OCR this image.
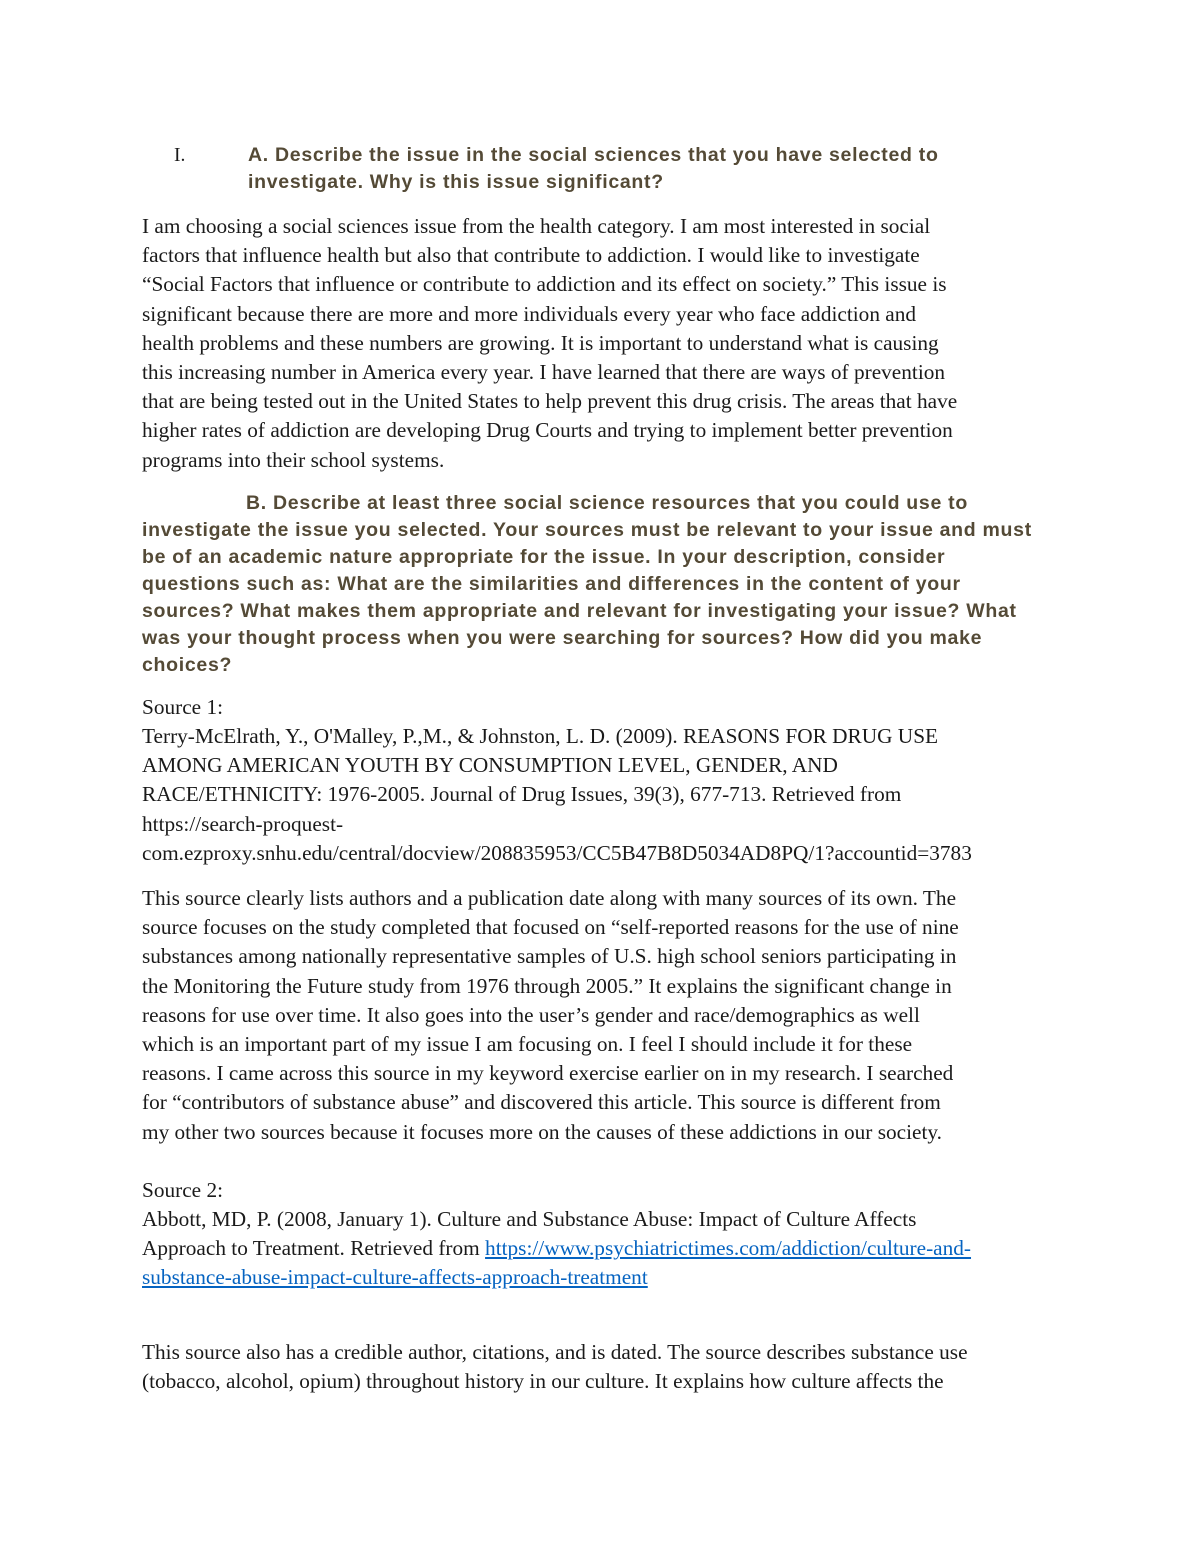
I.	A. Describe the issue in the social sciences that you have selected to
investigate. Why is this issue significant?
I am choosing a social sciences issue from the health category. I am most interested in social
factors that influence health but also that contribute to addiction. I would like to investigate
“Social Factors that influence or contribute to addiction and its effect on society.” This issue is
significant because there are more and more individuals every year who face addiction and
health problems and these numbers are growing. It is important to understand what is causing
this increasing number in America every year. I have learned that there are ways of prevention
that are being tested out in the United States to help prevent this drug crisis. The areas that have
higher rates of addiction are developing Drug Courts and trying to implement better prevention
programs into their school systems.
B. Describe at least three social science resources that you could use to
investigate the issue you selected. Your sources must be relevant to your issue and must
be of an academic nature appropriate for the issue. In your description, consider
questions such as: What are the similarities and differences in the content of your
sources? What makes them appropriate and relevant for investigating your issue? What
was your thought process when you were searching for sources? How did you make
choices?
Source 1:
Terry-McElrath, Y., O'Malley, P.,M., & Johnston, L. D. (2009). REASONS FOR DRUG USE
AMONG AMERICAN YOUTH BY CONSUMPTION LEVEL, GENDER, AND
RACE/ETHNICITY: 1976-2005. Journal of Drug Issues, 39(3), 677-713. Retrieved from
https://search-proquest-
com.ezproxy.snhu.edu/central/docview/208835953/CC5B47B8D5034AD8PQ/1?accountid=3783
This source clearly lists authors and a publication date along with many sources of its own. The
source focuses on the study completed that focused on “self-reported reasons for the use of nine
substances among nationally representative samples of U.S. high school seniors participating in
the Monitoring the Future study from 1976 through 2005.” It explains the significant change in
reasons for use over time. It also goes into the user’s gender and race/demographics as well
which is an important part of my issue I am focusing on. I feel I should include it for these
reasons. I came across this source in my keyword exercise earlier on in my research. I searched
for “contributors of substance abuse” and discovered this article. This source is different from
my other two sources because it focuses more on the causes of these addictions in our society.
Source 2:
Abbott, MD, P. (2008, January 1). Culture and Substance Abuse: Impact of Culture Affects
Approach to Treatment. Retrieved from https://www.psychiatrictimes.com/addiction/culture-and-
substance-abuse-impact-culture-affects-approach-treatment
This source also has a credible author, citations, and is dated. The source describes substance use
(tobacco, alcohol, opium) throughout history in our culture. It explains how culture affects the
